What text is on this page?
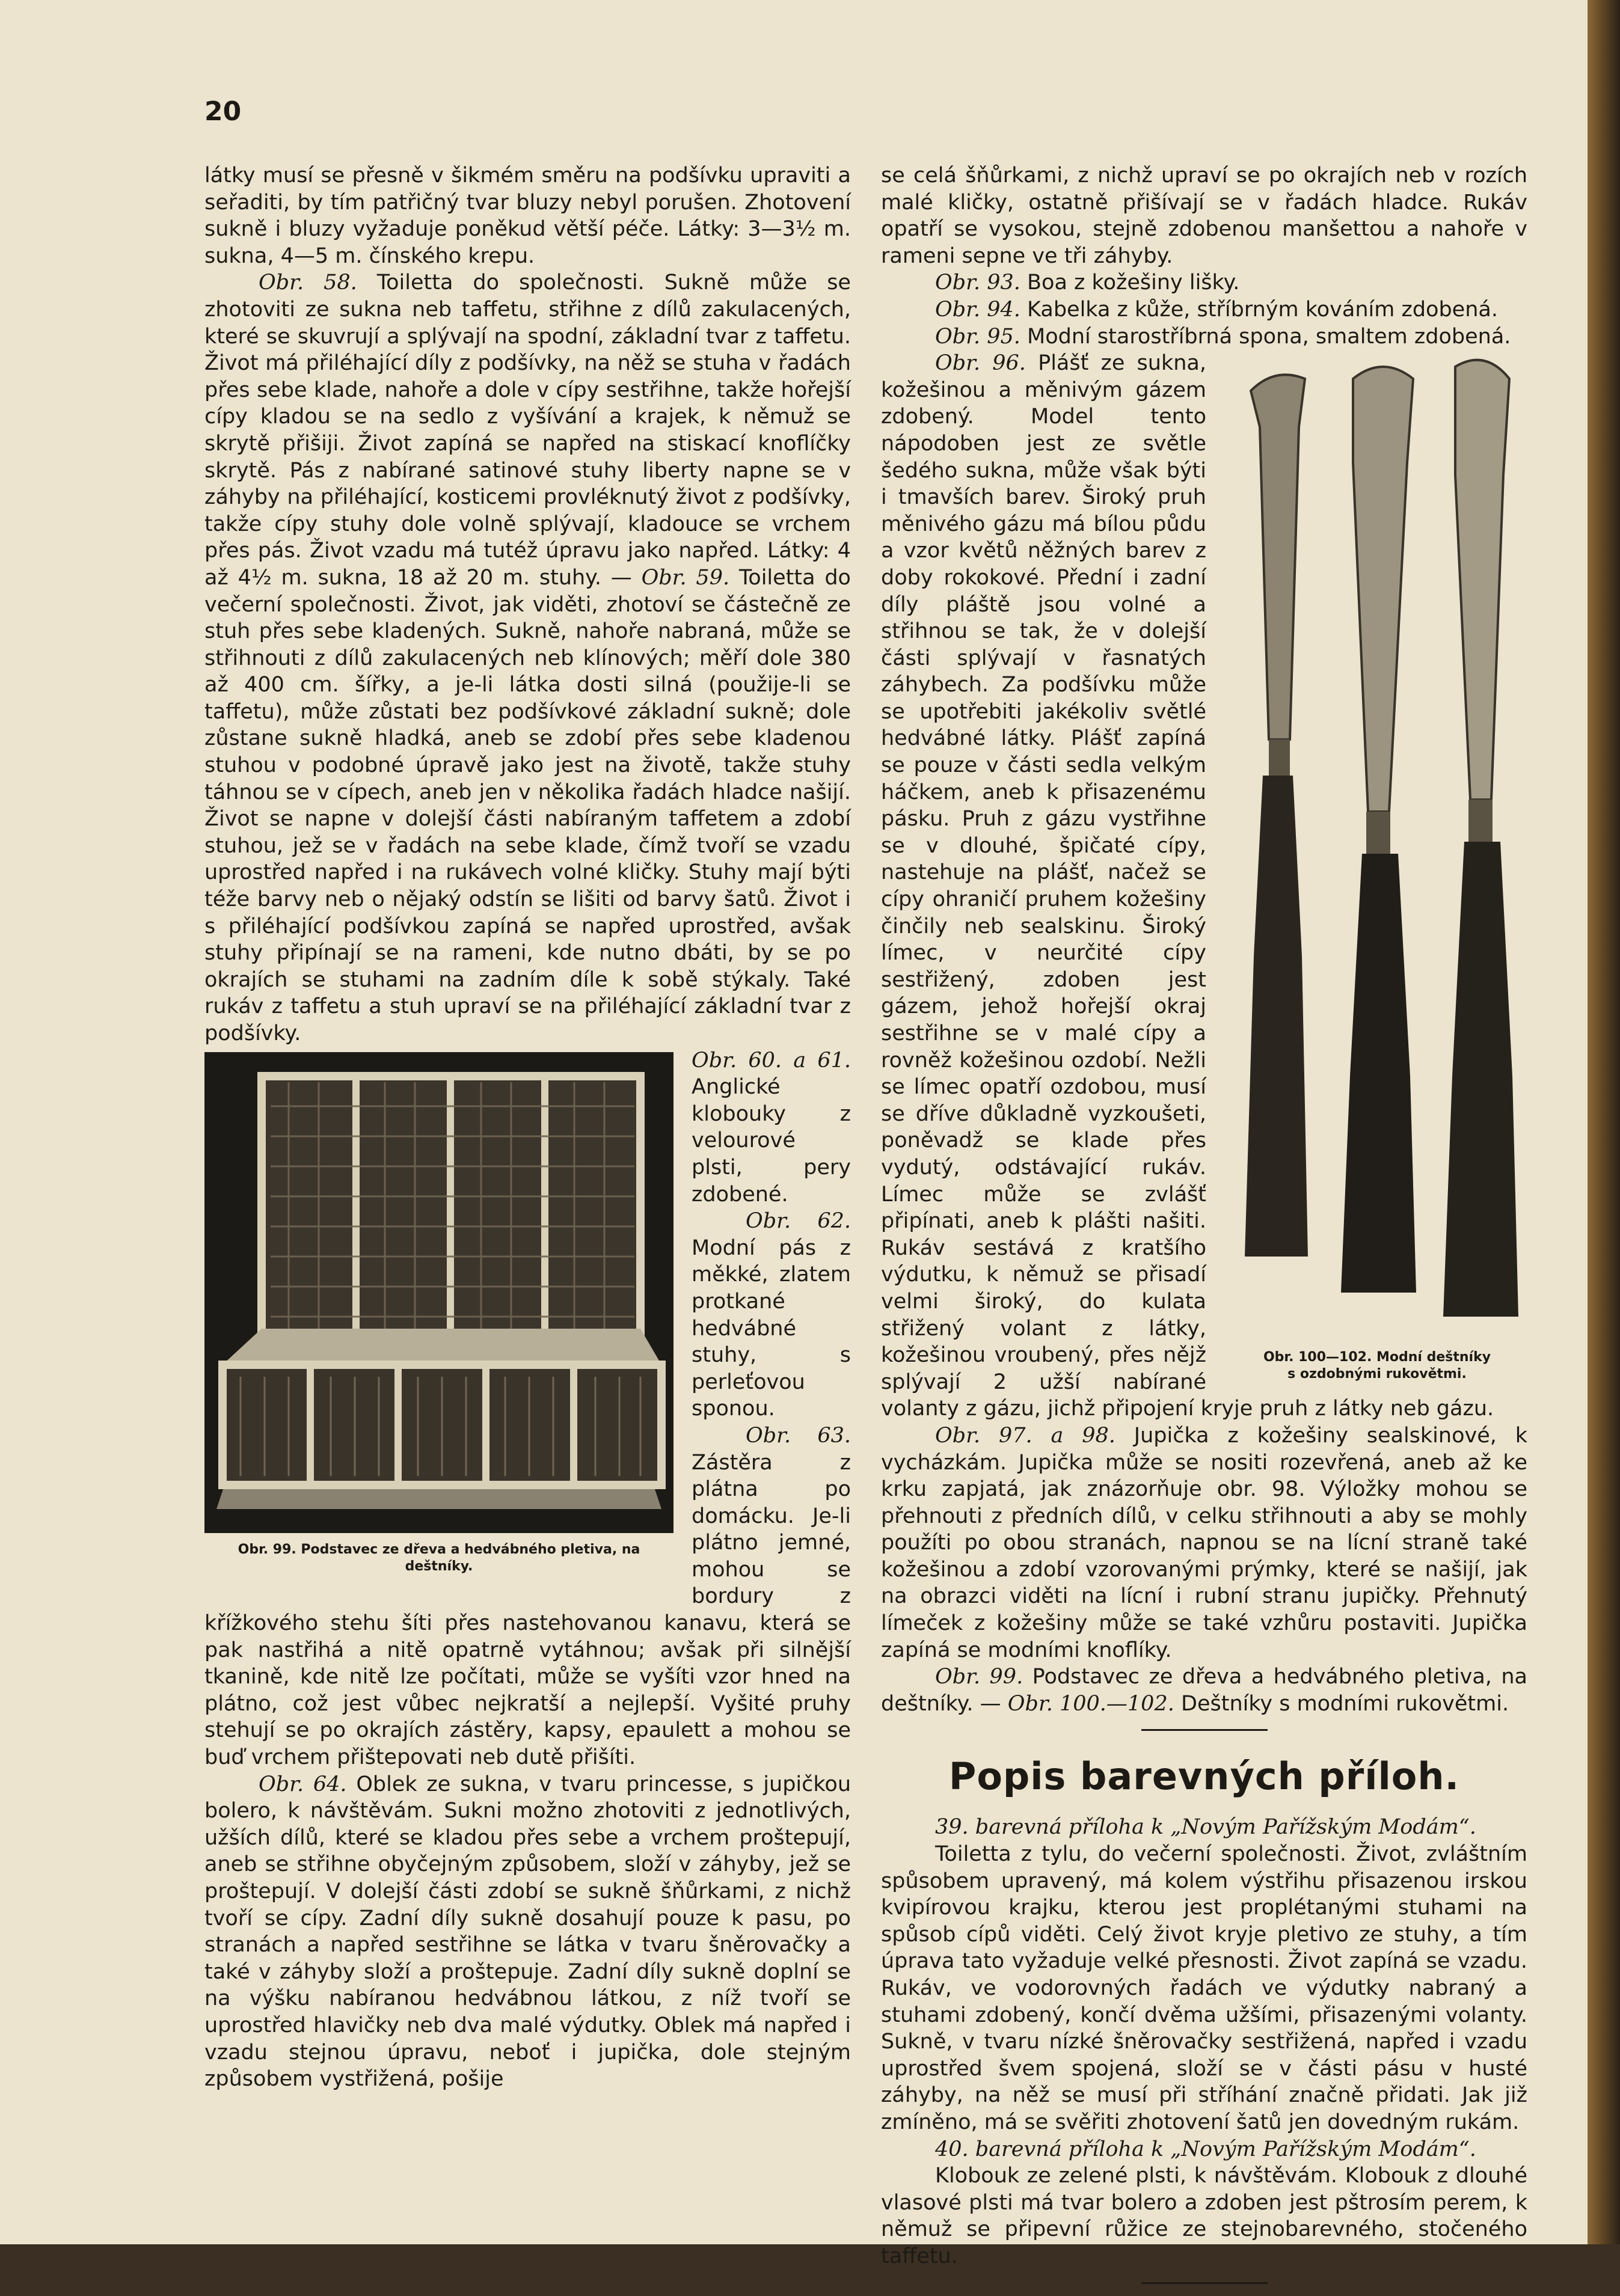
20

látky musí se přesně v šikmém směru na podšívku upraviti a seřaditi, by tím patřičný tvar bluzy nebyl porušen. Zhotovení sukně i bluzy vyžaduje poněkud větší péče. Látky: 3—3½ m. sukna, 4—5 m. čínského krepu.

Obr. 58. Toiletta do společnosti. Sukně může se zhotoviti ze sukna neb taffetu, střihne z dílů zakulacených, které se skuvrují a splývají na spodní, základní tvar z taffetu. Život má přiléhající díly z podšívky, na něž se stuha v řadách přes sebe klade, nahoře a dole v cípy sestřihne, takže hořejší cípy kladou se na sedlo z vyšívání a krajek, k němuž se skrytě přišiji. Život zapíná se napřed na stiskací knoflíčky skrytě. Pás z nabírané satinové stuhy liberty napne se v záhyby na přiléhající, kosticemi provléknutý život z podšívky, takže cípy stuhy dole volně splývají, kladouce se vrchem přes pás. Život vzadu má tutéž úpravu jako napřed. Látky: 4 až 4½ m. sukna, 18 až 20 m. stuhy. — Obr. 59. Toiletta do večerní společnosti. Život, jak viděti, zhotoví se částečně ze stuh přes sebe kladených. Sukně, nahoře nabraná, může se střihnouti z dílů zakulacených neb klínových; měří dole 380 až 400 cm. šířky, a je-li látka dosti silná (použije-li se taffetu), může zůstati bez podšívkové základní sukně; dole zůstane sukně hladká, aneb se zdobí přes sebe kladenou stuhou v podobné úpravě jako jest na životě, takže stuhy táhnou se v cípech, aneb jen v několika řadách hladce našijí. Život se napne v dolejší části nabíraným taffetem a zdobí stuhou, jež se v řadách na sebe klade, čímž tvoří se vzadu uprostřed napřed i na rukávech volné kličky. Stuhy mají býti téže barvy neb o nějaký odstín se lišiti od barvy šatů. Život i s přiléhající podšívkou zapíná se napřed uprostřed, avšak stuhy připínají se na rameni, kde nutno dbáti, by se po okrajích se stuhami na zadním díle k sobě stýkaly. Také rukáv z taffetu a stuh upraví se na přiléhající základní tvar z podšívky.

Obr. 99. Podstavec ze dřeva a hedvábného pletiva, na deštníky.

Obr. 60. a 61. Anglické klobouky z velourové plsti, pery zdobené.

Obr. 62. Modní pás z měkké, zlatem protkané hedvábné stuhy, s perleťovou sponou.

Obr. 63. Zástěra z plátna po domácku. Je-li plátno jemné, mohou se bordury z křížkového stehu šíti přes nastehovanou kanavu, která se pak nastřihá a nitě opatrně vytáhnou; avšak při silnější tkanině, kde nitě lze počítati, může se vyšíti vzor hned na plátno, což jest vůbec nejkratší a nejlepší. Vyšité pruhy stehují se po okrajích zástěry, kapsy, epaulett a mohou se buď vrchem přištepovati neb dutě přišíti.

Obr. 64. Oblek ze sukna, v tvaru princesse, s jupičkou bolero, k návštěvám. Sukni možno zhotoviti z jednotlivých, užších dílů, které se kladou přes sebe a vrchem proštepují, aneb se střihne obyčejným způsobem, složí v záhyby, jež se proštepují. V dolejší části zdobí se sukně šňůrkami, z nichž tvoří se cípy. Zadní díly sukně dosahují pouze k pasu, po stranách a napřed sestřihne se látka v tvaru šněrovačky a také v záhyby složí a proštepuje. Zadní díly sukně doplní se na výšku nabíranou hedvábnou látkou, z níž tvoří se uprostřed hlavičky neb dva malé výdutky. Oblek má napřed i vzadu stejnou úpravu, neboť i jupička, dole stejným způsobem vystřižená, pošije

se celá šňůrkami, z nichž upraví se po okrajích neb v rozích malé kličky, ostatně přišívají se v řadách hladce. Rukáv opatří se vysokou, stejně zdobenou manšettou a nahoře v rameni sepne ve tři záhyby.

Obr. 93. Boa z kožešiny lišky.

Obr. 94. Kabelka z kůže, stříbrným kováním zdobená.

Obr. 95. Modní starostříbrná spona, smaltem zdobená.

Obr. 100—102. Modní deštníky
s ozdobnými rukovětmi.

Obr. 96. Plášť ze sukna, kožešinou a měnivým gázem zdobený. Model tento nápodoben jest ze světle šedého sukna, může však býti i tmavších barev. Široký pruh měnivého gázu má bílou půdu a vzor květů něžných barev z doby rokokové. Přední i zadní díly pláště jsou volné a střihnou se tak, že v dolejší části splývají v řasnatých záhybech. Za podšívku může se upotřebiti jakékoliv světlé hedvábné látky. Plášť zapíná se pouze v části sedla velkým háčkem, aneb k přisazenému pásku. Pruh z gázu vystřihne se v dlouhé, špičaté cípy, nastehuje na plášť, načež se cípy ohraničí pruhem kožešiny činčily neb sealskinu. Široký límec, v neurčité cípy sestřižený, zdoben jest gázem, jehož hořejší okraj sestřihne se v malé cípy a rovněž kožešinou ozdobí. Nežli se límec opatří ozdobou, musí se dříve důkladně vyzkoušeti, poněvadž se klade přes vydutý, odstávající rukáv. Límec může se zvlášť připínati, aneb k plášti našiti. Rukáv sestává z kratšího výdutku, k němuž se přisadí velmi široký, do kulata střižený volant z látky, kožešinou vroubený, přes nějž splývají 2 užší nabírané volanty z gázu, jichž připojení kryje pruh z látky neb gázu.

Obr. 97. a 98. Jupička z kožešiny sealskinové, k vycházkám. Jupička může se nositi rozevřená, aneb až ke krku zapjatá, jak znázorňuje obr. 98. Výložky mohou se přehnouti z předních dílů, v celku střihnouti a aby se mohly použíti po obou stranách, napnou se na lícní straně také kožešinou a zdobí vzorovanými prýmky, které se našijí, jak na obrazci viděti na lícní i rubní stranu jupičky. Přehnutý límeček z kožešiny může se také vzhůru postaviti. Jupička zapíná se modními knoflíky.

Obr. 99. Podstavec ze dřeva a hedvábného pletiva, na deštníky. — Obr. 100.—102. Deštníky s modními rukovětmi.

Popis barevných příloh.

39. barevná příloha k „Novým Pařížským Modám“.

Toiletta z tylu, do večerní společnosti. Život, zvláštním spůsobem upravený, má kolem výstřihu přisazenou irskou kvipírovou krajku, kterou jest proplétanými stuhami na spůsob cípů viděti. Celý život kryje pletivo ze stuhy, a tím úprava tato vyžaduje velké přesnosti. Život zapíná se vzadu. Rukáv, ve vodorovných řadách ve výdutky nabraný a stuhami zdobený, končí dvěma užšími, přisazenými volanty. Sukně, v tvaru nízké šněrovačky sestřižená, napřed i vzadu uprostřed švem spojená, složí se v části pásu v husté záhyby, na něž se musí při stříhání značně přidati. Jak již zmíněno, má se svěřiti zhotovení šatů jen dovedným rukám.

40. barevná příloha k „Novým Pařížským Modám“.

Klobouk ze zelené plsti, k návštěvám. Klobouk z dlouhé vlasové plsti má tvar bolero a zdoben jest pštrosím perem, k němuž se připevní růžice ze stejnobarevného, stočeného taffetu.
